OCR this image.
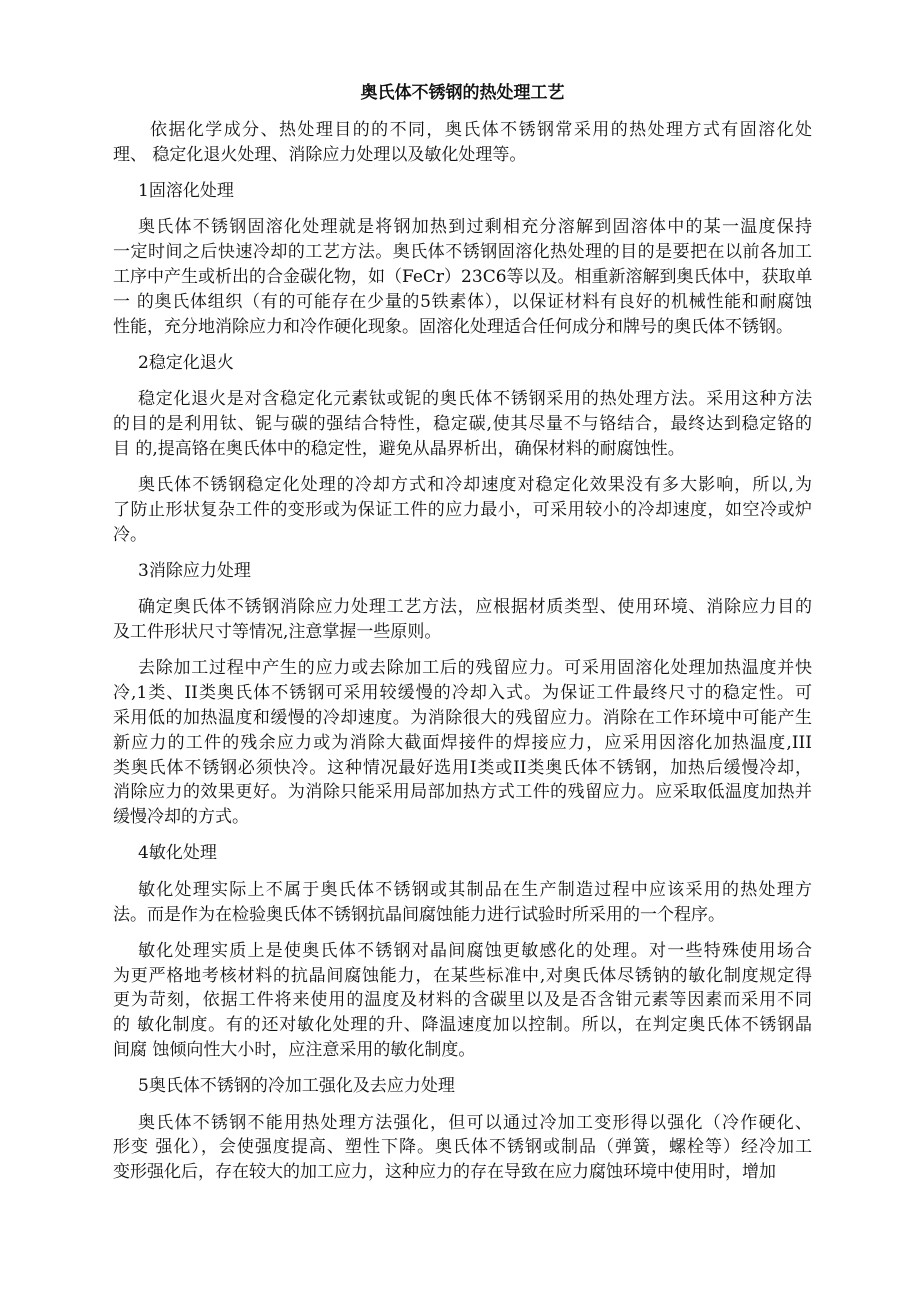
奥氏体不锈钢的热处理工艺
依据化学成分、热处理目的的不同，奥氏体不锈钢常采用的热处理方式有固溶化处
理、 稳定化退火处理、消除应力处理以及敏化处理等。
1固溶化处理
奥氏体不锈钢固溶化处理就是将钢加热到过剩相充分溶解到固溶体中的某一温度保持
一定时间之后快速冷却的工艺方法。奥氏体不锈钢固溶化热处理的目的是要把在以前各加工
工序中产生或析出的合金碳化物，如（FeCr）23C6等以及。相重新溶解到奥氏体中，获取单
一 的奥氏体组织（有的可能存在少量的5铁素体），以保证材料有良好的机械性能和耐腐蚀
性能，充分地消除应力和冷作硬化现象。固溶化处理适合任何成分和牌号的奥氏体不锈钢。
2稳定化退火
稳定化退火是对含稳定化元素钛或铌的奥氏体不锈钢采用的热处理方法。采用这种方法
的目的是利用钛、铌与碳的强结合特性，稳定碳,使其尽量不与铬结合，最终达到稳定铬的
目 的,提高铬在奥氏体中的稳定性，避免从晶界析出，确保材料的耐腐蚀性。
奥氏体不锈钢稳定化处理的冷却方式和冷却速度对稳定化效果没有多大影响，所以,为
了防止形状复杂工件的变形或为保证工件的应力最小，可采用较小的冷却速度，如空冷或炉
冷。
3消除应力处理
确定奥氏体不锈钢消除应力处理工艺方法，应根据材质类型、使用环境、消除应力目的
及工件形状尺寸等情况,注意掌握一些原则。
去除加工过程中产生的应力或去除加工后的残留应力。可采用固溶化处理加热温度并快
冷,1类、II类奥氏体不锈钢可采用较缓慢的冷却入式。为保证工件最终尺寸的稳定性。可
采用低的加热温度和缓慢的冷却速度。为消除很大的残留应力。消除在工作环境中可能产生
新应力的工件的残余应力或为消除大截面焊接件的焊接应力，应采用因溶化加热温度,III
类奥氏体不锈钢必须快冷。这种情况最好选用I类或II类奥氏体不锈钢，加热后缓慢冷却，
消除应力的效果更好。为消除只能采用局部加热方式工件的残留应力。应采取低温度加热并
缓慢冷却的方式。
4敏化处理
敏化处理实际上不属于奥氏体不锈钢或其制品在生产制造过程中应该采用的热处理方
法。而是作为在检验奥氏体不锈钢抗晶间腐蚀能力进行试验时所采用的一个程序。
敏化处理实质上是使奥氏体不锈钢对晶间腐蚀更敏感化的处理。对一些特殊使用场合
为更严格地考核材料的抗晶间腐蚀能力，在某些标准中,对奥氏体尽锈钠的敏化制度规定得
更为苛刻，依据工件将来使用的温度及材料的含碳里以及是否含钳元素等因素而采用不同
的 敏化制度。有的还对敏化处理的升、降温速度加以控制。所以，在判定奥氏体不锈钢晶
间腐 蚀倾向性大小时，应注意采用的敏化制度。
5奥氏体不锈钢的冷加工强化及去应力处理
奥氏体不锈钢不能用热处理方法强化，但可以通过冷加工变形得以强化（冷作硬化、
形变 强化），会使强度提高、塑性下降。奥氏体不锈钢或制品（弹簧，螺栓等）经冷加工
变形强化后，存在较大的加工应力，这种应力的存在导致在应力腐蚀环境中使用时，增加
